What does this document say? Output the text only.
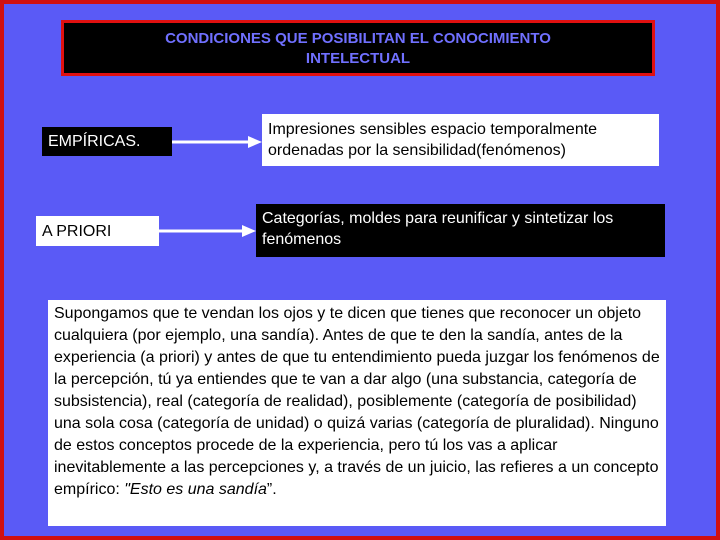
CONDICIONES QUE POSIBILITAN EL CONOCIMIENTO
INTELECTUAL
EMPÍRICAS.
Impresiones sensibles espacio temporalmente ordenadas por la sensibilidad(fenómenos)
A PRIORI
Categorías, moldes para reunificar y sintetizar los fenómenos
Supongamos que te vendan los ojos y te dicen que tienes que reconocer un objeto cualquiera (por ejemplo, una sandía). Antes de que te den la sandía, antes de la experiencia (a priori) y antes de que tu entendimiento pueda juzgar los fenómenos de la percepción, tú ya entiendes que te van a dar algo (una substancia, categoría de subsistencia), real (categoría de realidad), posiblemente (categoría de posibilidad) una sola cosa (categoría de unidad) o quizá varias (categoría de pluralidad). Ninguno de estos conceptos procede de la experiencia, pero tú los vas a aplicar inevitablemente a las percepciones y, a través de un juicio, las refieres a un concepto empírico: "Esto es una sandía”.
